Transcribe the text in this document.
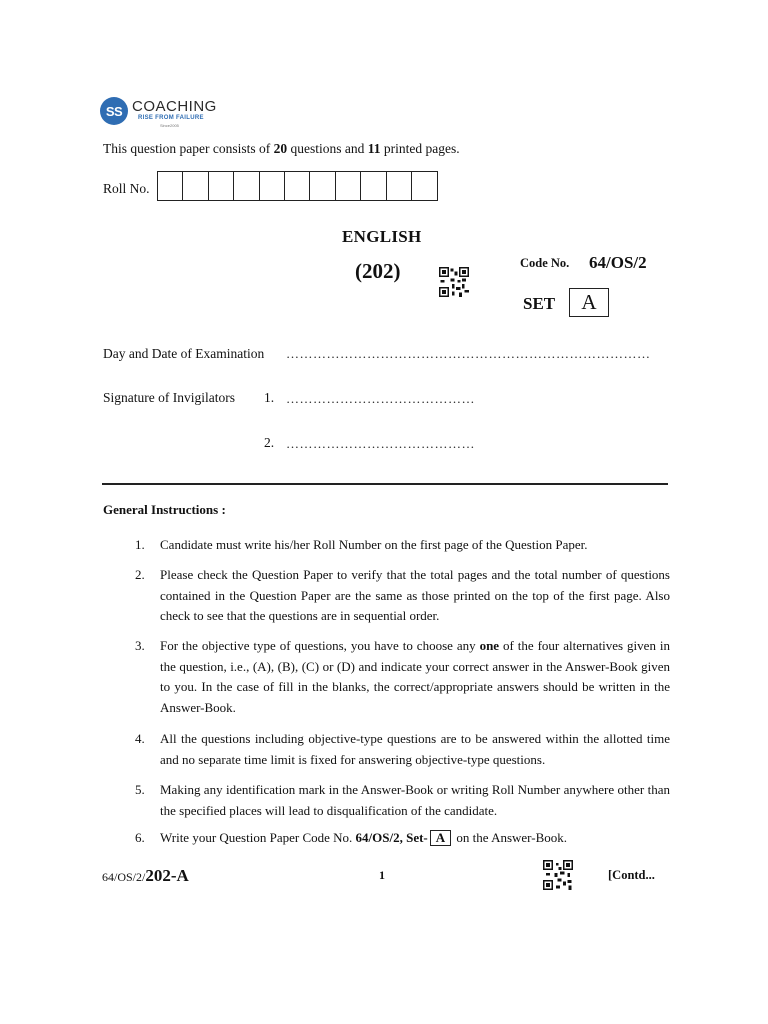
SS COACHING
RISE FROM FAILURE
Since2005
This question paper consists of 20 questions and 11 printed pages.
Roll No.
ENGLISH
(202)	Code No. 64/OS/2
SET	A
Day and Date of Examination ………………………………………………………………………
Signature of Invigilators 1. ……………………………………
2. ……………………………………
General Instructions :
1.	Candidate must write his/her Roll Number on the first page of the Question Paper.
2.	Please check the Question Paper to verify that the total pages and the total number of questions contained in the Question Paper are the same as those printed on the top of the first page. Also check to see that the questions are in sequential order.
3.	For the objective type of questions, you have to choose any one of the four alternatives given in the question, i.e., (A), (B), (C) or (D) and indicate your correct answer in the Answer-Book given to you. In the case of fill in the blanks, the correct/appropriate answers should be written in the Answer-Book.
4.	All the questions including objective-type questions are to be answered within the allotted time and no separate time limit is fixed for answering objective-type questions.
5.	Making any identification mark in the Answer-Book or writing Roll Number anywhere other than the specified places will lead to disqualification of the candidate.
6.	Write your Question Paper Code No. 64/OS/2, Set- A on the Answer-Book.
64/OS/2/202-A	1	[Contd...
